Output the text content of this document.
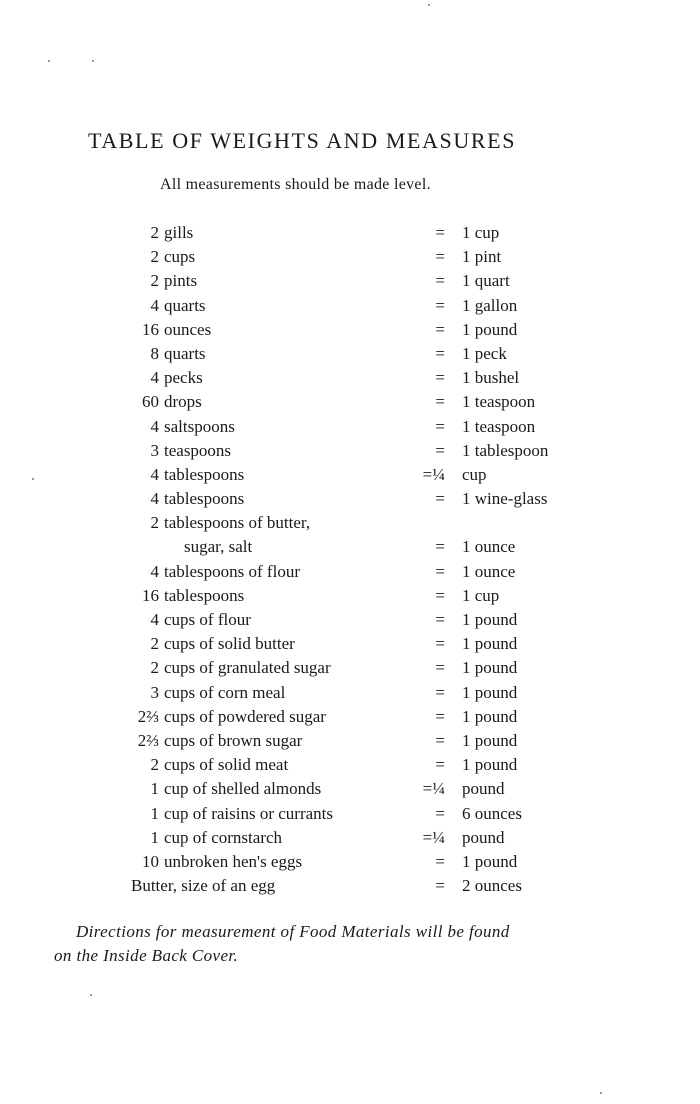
TABLE OF WEIGHTS AND MEASURES
All measurements should be made level.
2 gills	= 1 cup
2 cups	= 1 pint
2 pints	= 1 quart
4 quarts	= 1 gallon
16 ounces	= 1 pound
8 quarts	= 1 peck
4 pecks	= 1 bushel
60 drops	= 1 teaspoon
4 saltspoons	= 1 teaspoon
3 teaspoons	= 1 tablespoon
4 tablespoons	=¼ cup
4 tablespoons	= 1 wine-glass
2 tablespoons of butter,
sugar, salt	= 1 ounce
4 tablespoons of flour	= 1 ounce
16 tablespoons	= 1 cup
4 cups of flour	= 1 pound
2 cups of solid butter	= 1 pound
2 cups of granulated sugar	= 1 pound
3 cups of corn meal	= 1 pound
2⅔ cups of powdered sugar	= 1 pound
2⅔ cups of brown sugar	= 1 pound
2 cups of solid meat	= 1 pound
1 cup of shelled almonds	=¼ pound
1 cup of raisins or currants	= 6 ounces
1 cup of cornstarch	=¼ pound
10 unbroken hen's eggs	= 1 pound
Butter, size of an egg	= 2 ounces
Directions for measurement of Food Materials will be found
on the Inside Back Cover.
